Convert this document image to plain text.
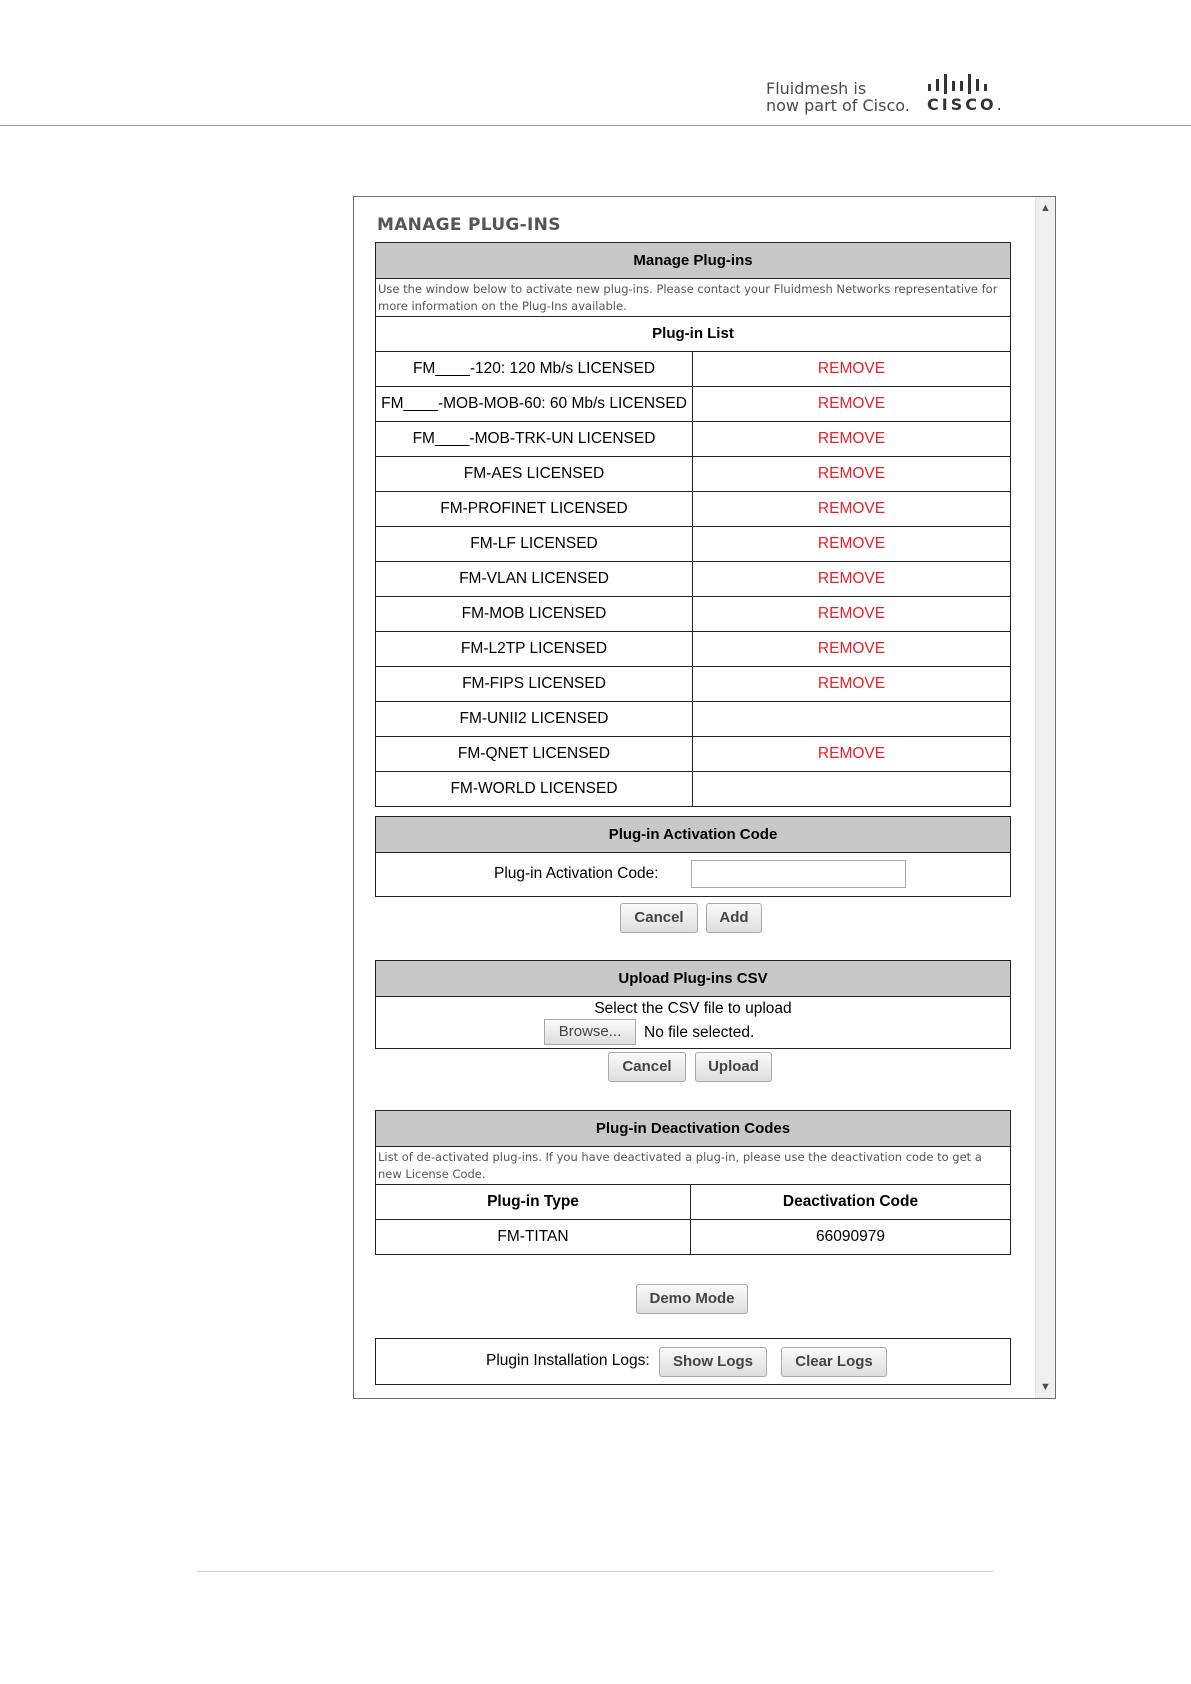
Fluidmesh is
now part of Cisco. CISCO.
▲
▼
MANAGE PLUG-INS
Manage Plug-ins
Use the window below to activate new plug-ins. Please contact your Fluidmesh Networks representative for more information on the Plug-Ins available.
Plug-in List
FM____-120: 120 Mb/s LICENSED	REMOVE
FM____-MOB-MOB-60: 60 Mb/s LICENSED	REMOVE
FM____-MOB-TRK-UN LICENSED	REMOVE
FM-AES LICENSED	REMOVE
FM-PROFINET LICENSED	REMOVE
FM-LF LICENSED	REMOVE
FM-VLAN LICENSED	REMOVE
FM-MOB LICENSED	REMOVE
FM-L2TP LICENSED	REMOVE
FM-FIPS LICENSED	REMOVE
FM-UNII2 LICENSED
FM-QNET LICENSED	REMOVE
FM-WORLD LICENSED
Plug-in Activation Code
Plug-in Activation Code:
Cancel	Add
Upload Plug-ins CSV
Select the CSV file to upload
Browse...	No file selected.
Cancel	Upload
Plug-in Deactivation Codes
List of de-activated plug-ins. If you have deactivated a plug-in, please use the deactivation code to get a new License Code.
Plug-in Type	Deactivation Code
FM-TITAN	66090979
Demo Mode
Plugin Installation Logs:	Show Logs	Clear Logs
